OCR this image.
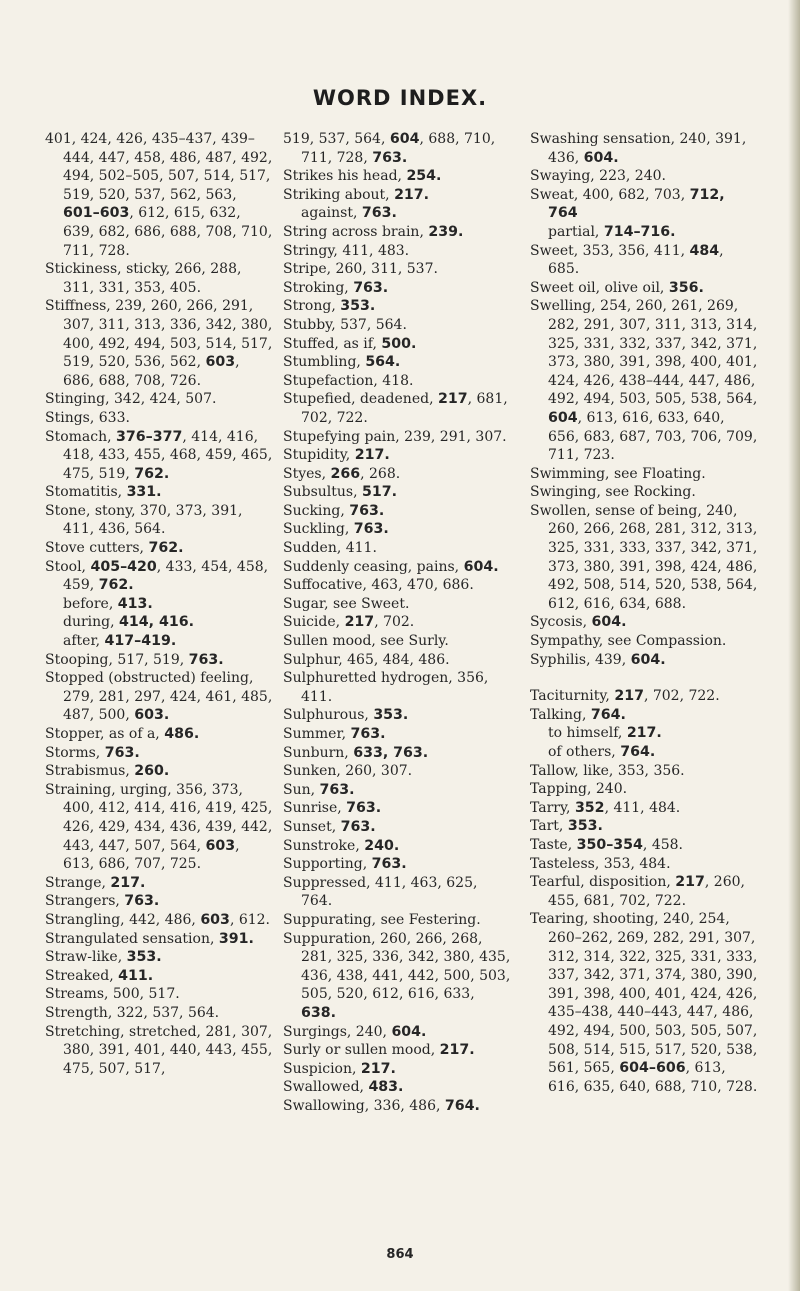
WORD INDEX.

401, 424, 426, 435–437, 439–444, 447, 458, 486, 487, 492, 494, 502–505, 507, 514, 517, 519, 520, 537, 562, 563, 601–603, 612, 615, 632, 639, 682, 686, 688, 708, 710, 711, 728.

Stickiness, sticky, 266, 288, 311, 331, 353, 405.

Stiffness, 239, 260, 266, 291, 307, 311, 313, 336, 342, 380, 400, 492, 494, 503, 514, 517, 519, 520, 536, 562, 603, 686, 688, 708, 726.

Stinging, 342, 424, 507.

Stings, 633.

Stomach, 376–377, 414, 416, 418, 433, 455, 468, 459, 465, 475, 519, 762.

Stomatitis, 331.

Stone, stony, 370, 373, 391, 411, 436, 564.

Stove cutters, 762.

Stool, 405–420, 433, 454, 458, 459, 762.

before, 413.

during, 414, 416.

after, 417–419.

Stooping, 517, 519, 763.

Stopped (obstructed) feeling, 279, 281, 297, 424, 461, 485, 487, 500, 603.

Stopper, as of a, 486.

Storms, 763.

Strabismus, 260.

Straining, urging, 356, 373, 400, 412, 414, 416, 419, 425, 426, 429, 434, 436, 439, 442, 443, 447, 507, 564, 603, 613, 686, 707, 725.

Strange, 217.

Strangers, 763.

Strangling, 442, 486, 603, 612.

Strangulated sensation, 391.

Straw-like, 353.

Streaked, 411.

Streams, 500, 517.

Strength, 322, 537, 564.

Stretching, stretched, 281, 307, 380, 391, 401, 440, 443, 455, 475, 507, 517,

519, 537, 564, 604, 688, 710, 711, 728, 763.

Strikes his head, 254.

Striking about, 217.

against, 763.

String across brain, 239.

Stringy, 411, 483.

Stripe, 260, 311, 537.

Stroking, 763.

Strong, 353.

Stubby, 537, 564.

Stuffed, as if, 500.

Stumbling, 564.

Stupefaction, 418.

Stupefied, deadened, 217, 681, 702, 722.

Stupefying pain, 239, 291, 307.

Stupidity, 217.

Styes, 266, 268.

Subsultus, 517.

Sucking, 763.

Suckling, 763.

Sudden, 411.

Suddenly ceasing, pains, 604.

Suffocative, 463, 470, 686.

Sugar, see Sweet.

Suicide, 217, 702.

Sullen mood, see Surly.

Sulphur, 465, 484, 486.

Sulphuretted hydrogen, 356, 411.

Sulphurous, 353.

Summer, 763.

Sunburn, 633, 763.

Sunken, 260, 307.

Sun, 763.

Sunrise, 763.

Sunset, 763.

Sunstroke, 240.

Supporting, 763.

Suppressed, 411, 463, 625, 764.

Suppurating, see Festering.

Suppuration, 260, 266, 268, 281, 325, 336, 342, 380, 435, 436, 438, 441, 442, 500, 503, 505, 520, 612, 616, 633, 638.

Surgings, 240, 604.

Surly or sullen mood, 217.

Suspicion, 217.

Swallowed, 483.

Swallowing, 336, 486, 764.

Swashing sensation, 240, 391, 436, 604.

Swaying, 223, 240.

Sweat, 400, 682, 703, 712, 764

partial, 714–716.

Sweet, 353, 356, 411, 484, 685.

Sweet oil, olive oil, 356.

Swelling, 254, 260, 261, 269, 282, 291, 307, 311, 313, 314, 325, 331, 332, 337, 342, 371, 373, 380, 391, 398, 400, 401, 424, 426, 438–444, 447, 486, 492, 494, 503, 505, 538, 564, 604, 613, 616, 633, 640, 656, 683, 687, 703, 706, 709, 711, 723.

Swimming, see Floating.

Swinging, see Rocking.

Swollen, sense of being, 240, 260, 266, 268, 281, 312, 313, 325, 331, 333, 337, 342, 371, 373, 380, 391, 398, 424, 486, 492, 508, 514, 520, 538, 564, 612, 616, 634, 688.

Sycosis, 604.

Sympathy, see Compassion.

Syphilis, 439, 604.

Taciturnity, 217, 702, 722.

Talking, 764.

to himself, 217.

of others, 764.

Tallow, like, 353, 356.

Tapping, 240.

Tarry, 352, 411, 484.

Tart, 353.

Taste, 350–354, 458.

Tasteless, 353, 484.

Tearful, disposition, 217, 260, 455, 681, 702, 722.

Tearing, shooting, 240, 254, 260–262, 269, 282, 291, 307, 312, 314, 322, 325, 331, 333, 337, 342, 371, 374, 380, 390, 391, 398, 400, 401, 424, 426, 435–438, 440–443, 447, 486, 492, 494, 500, 503, 505, 507, 508, 514, 515, 517, 520, 538, 561, 565, 604–606, 613, 616, 635, 640, 688, 710, 728.

864
